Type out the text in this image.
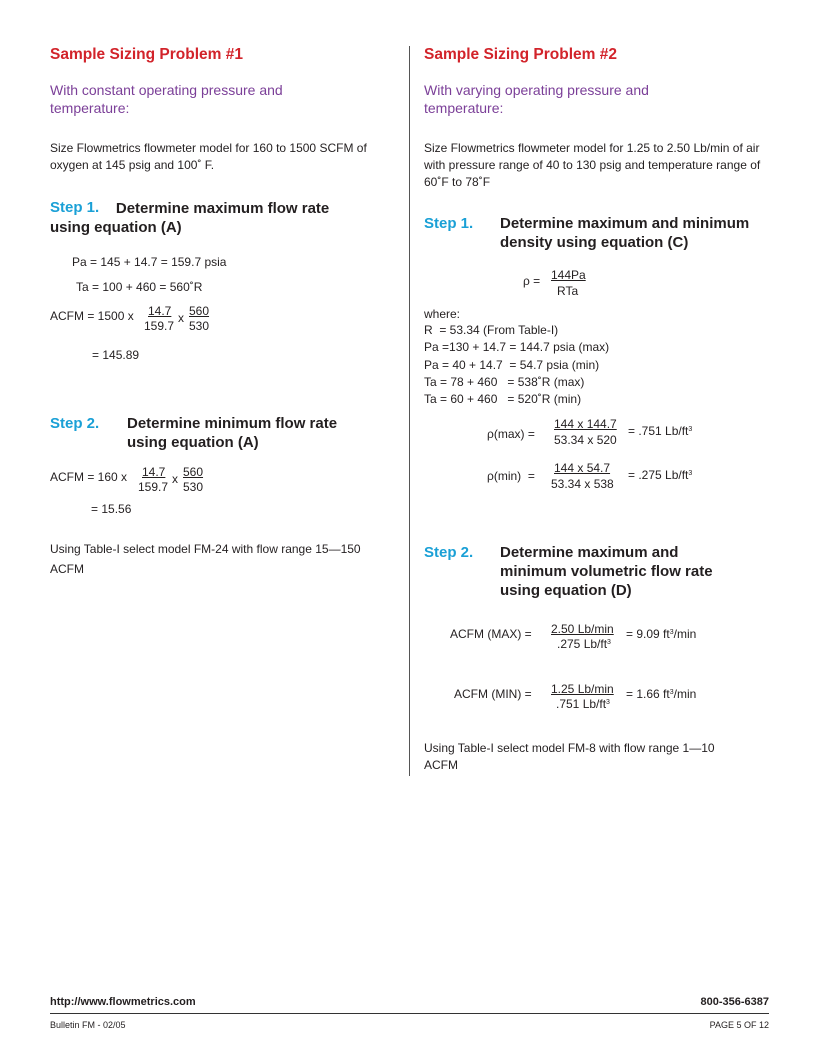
Sample Sizing Problem #1
With constant operating pressure and temperature:
Size Flowmetrics flowmeter model for 160 to 1500 SCFM of oxygen at 145 psig and 100˚ F.
Step 1.	Determine maximum flow rate using equation (A)
Pa = 145 + 14.7 = 159.7 psia
Ta = 100 + 460 = 560˚R
ACFM = 1500 x 14.7
159.7
x 560
530
= 145.89
Step 2. Determine minimum flow rate
using equation (A)
ACFM = 160 x 14.7
159.7
x 560
530
= 15.56
Using Table-I select model FM-24 with flow range 15—150 ACFM
Sample Sizing Problem #2
With varying operating pressure and temperature:
Size Flowmetrics flowmeter model for 1.25 to 2.50 Lb/min of air with pressure range of 40 to 130 psig and temperature range of 60˚F to 78˚F
Step 1. Determine maximum and minimum
density using equation (C)
ρ = 144Pa
RTa
where:
R  = 53.34 (From Table-I)
Pa =130 + 14.7 = 144.7 psia (max)
Pa = 40 + 14.7  = 54.7 psia (min)
Ta = 78 + 460   = 538˚R (max)
Ta = 60 + 460   = 520˚R (min)
ρ(max) =
144 x 144.7
53.34 x 520
= .751 $Lb/ft^3$
ρ(min)  =
144 x 54.7
53.34 x 538
= .275 $Lb/ft^3$
Step 2. Determine maximum and
minimum volumetric flow rate
using equation (D)
ACFM (MAX) = 2.50 Lb/min
.275 $Lb/ft^3$
= 9.09 $ft^3/\min$
ACFM (MIN) = 1.25 Lb/min
.751 $Lb/ft^3$
= 1.66 $ft^3/\min$
Using Table-I select model FM-8 with flow range 1—10 ACFM
http://www.flowmetrics.com	800-356-6387
Bulletin FM - 02/05	PAGE 5 OF 12
